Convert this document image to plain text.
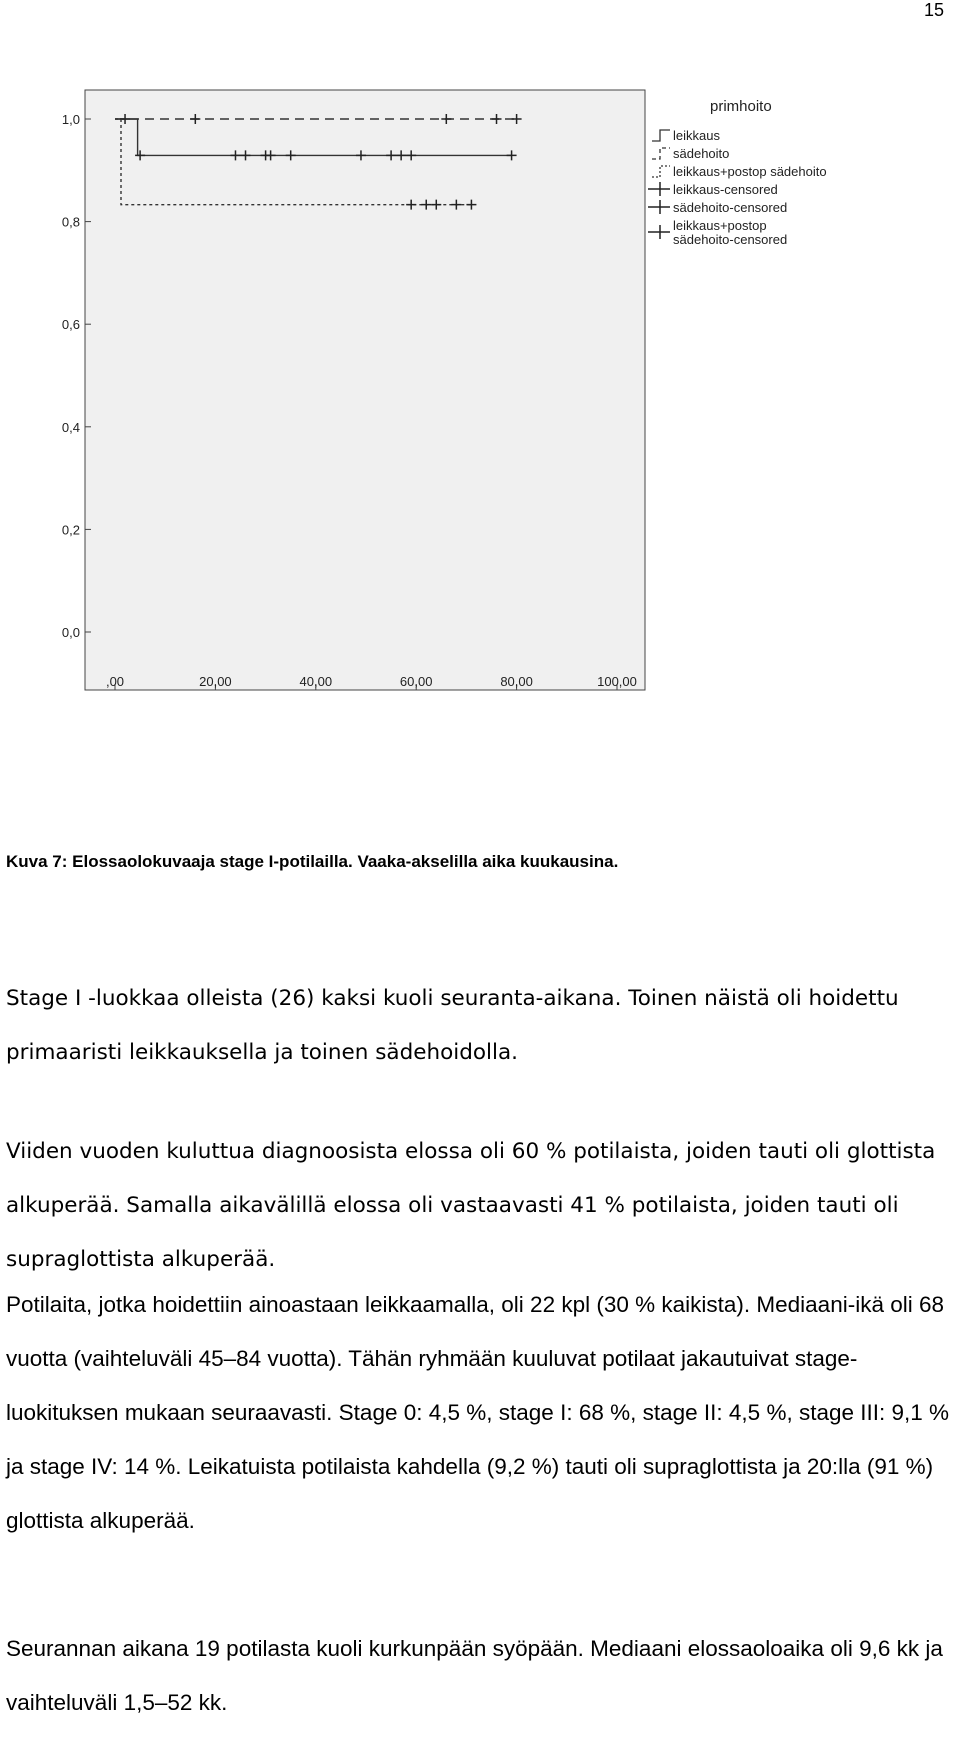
15
0,0
0,2
0,4
0,6
0,8
1,0
,00	20,00	40,00	60,00	80,00	100,00
primhoito
leikkaus
sädehoito
leikkaus+postop sädehoito
leikkaus-censored
sädehoito-censored
leikkaus+postop
sädehoito-censored
Kuva 7: Elossaolokuvaaja stage I-potilailla. Vaaka-akselilla aika kuukausina.

Stage I -luokkaa olleista (26) kaksi kuoli seuranta-aikana. Toinen näistä oli hoidettu primaaristi leikkauksella ja toinen sädehoidolla.

Viiden vuoden kuluttua diagnoosista elossa oli 60 % potilaista, joiden tauti oli glottista alkuperää. Samalla aikavälillä elossa oli vastaavasti 41 % potilaista, joiden tauti oli supraglottista alkuperää.

Potilaita, jotka hoidettiin ainoastaan leikkaamalla, oli 22 kpl (30 % kaikista). Mediaani-ikä oli 68 vuotta (vaihteluväli 45–84 vuotta). Tähän ryhmään kuuluvat potilaat jakautuivat stage-luokituksen mukaan seuraavasti. Stage 0: 4,5 %, stage I: 68 %, stage II: 4,5 %, stage III: 9,1 % ja stage IV: 14 %. Leikatuista potilaista kahdella (9,2 %) tauti oli supraglottista ja 20:lla (91 %) glottista alkuperää.

Seurannan aikana 19 potilasta kuoli kurkunpään syöpään. Mediaani elossaoloaika oli 9,6 kk ja vaihteluväli 1,5–52 kk.
